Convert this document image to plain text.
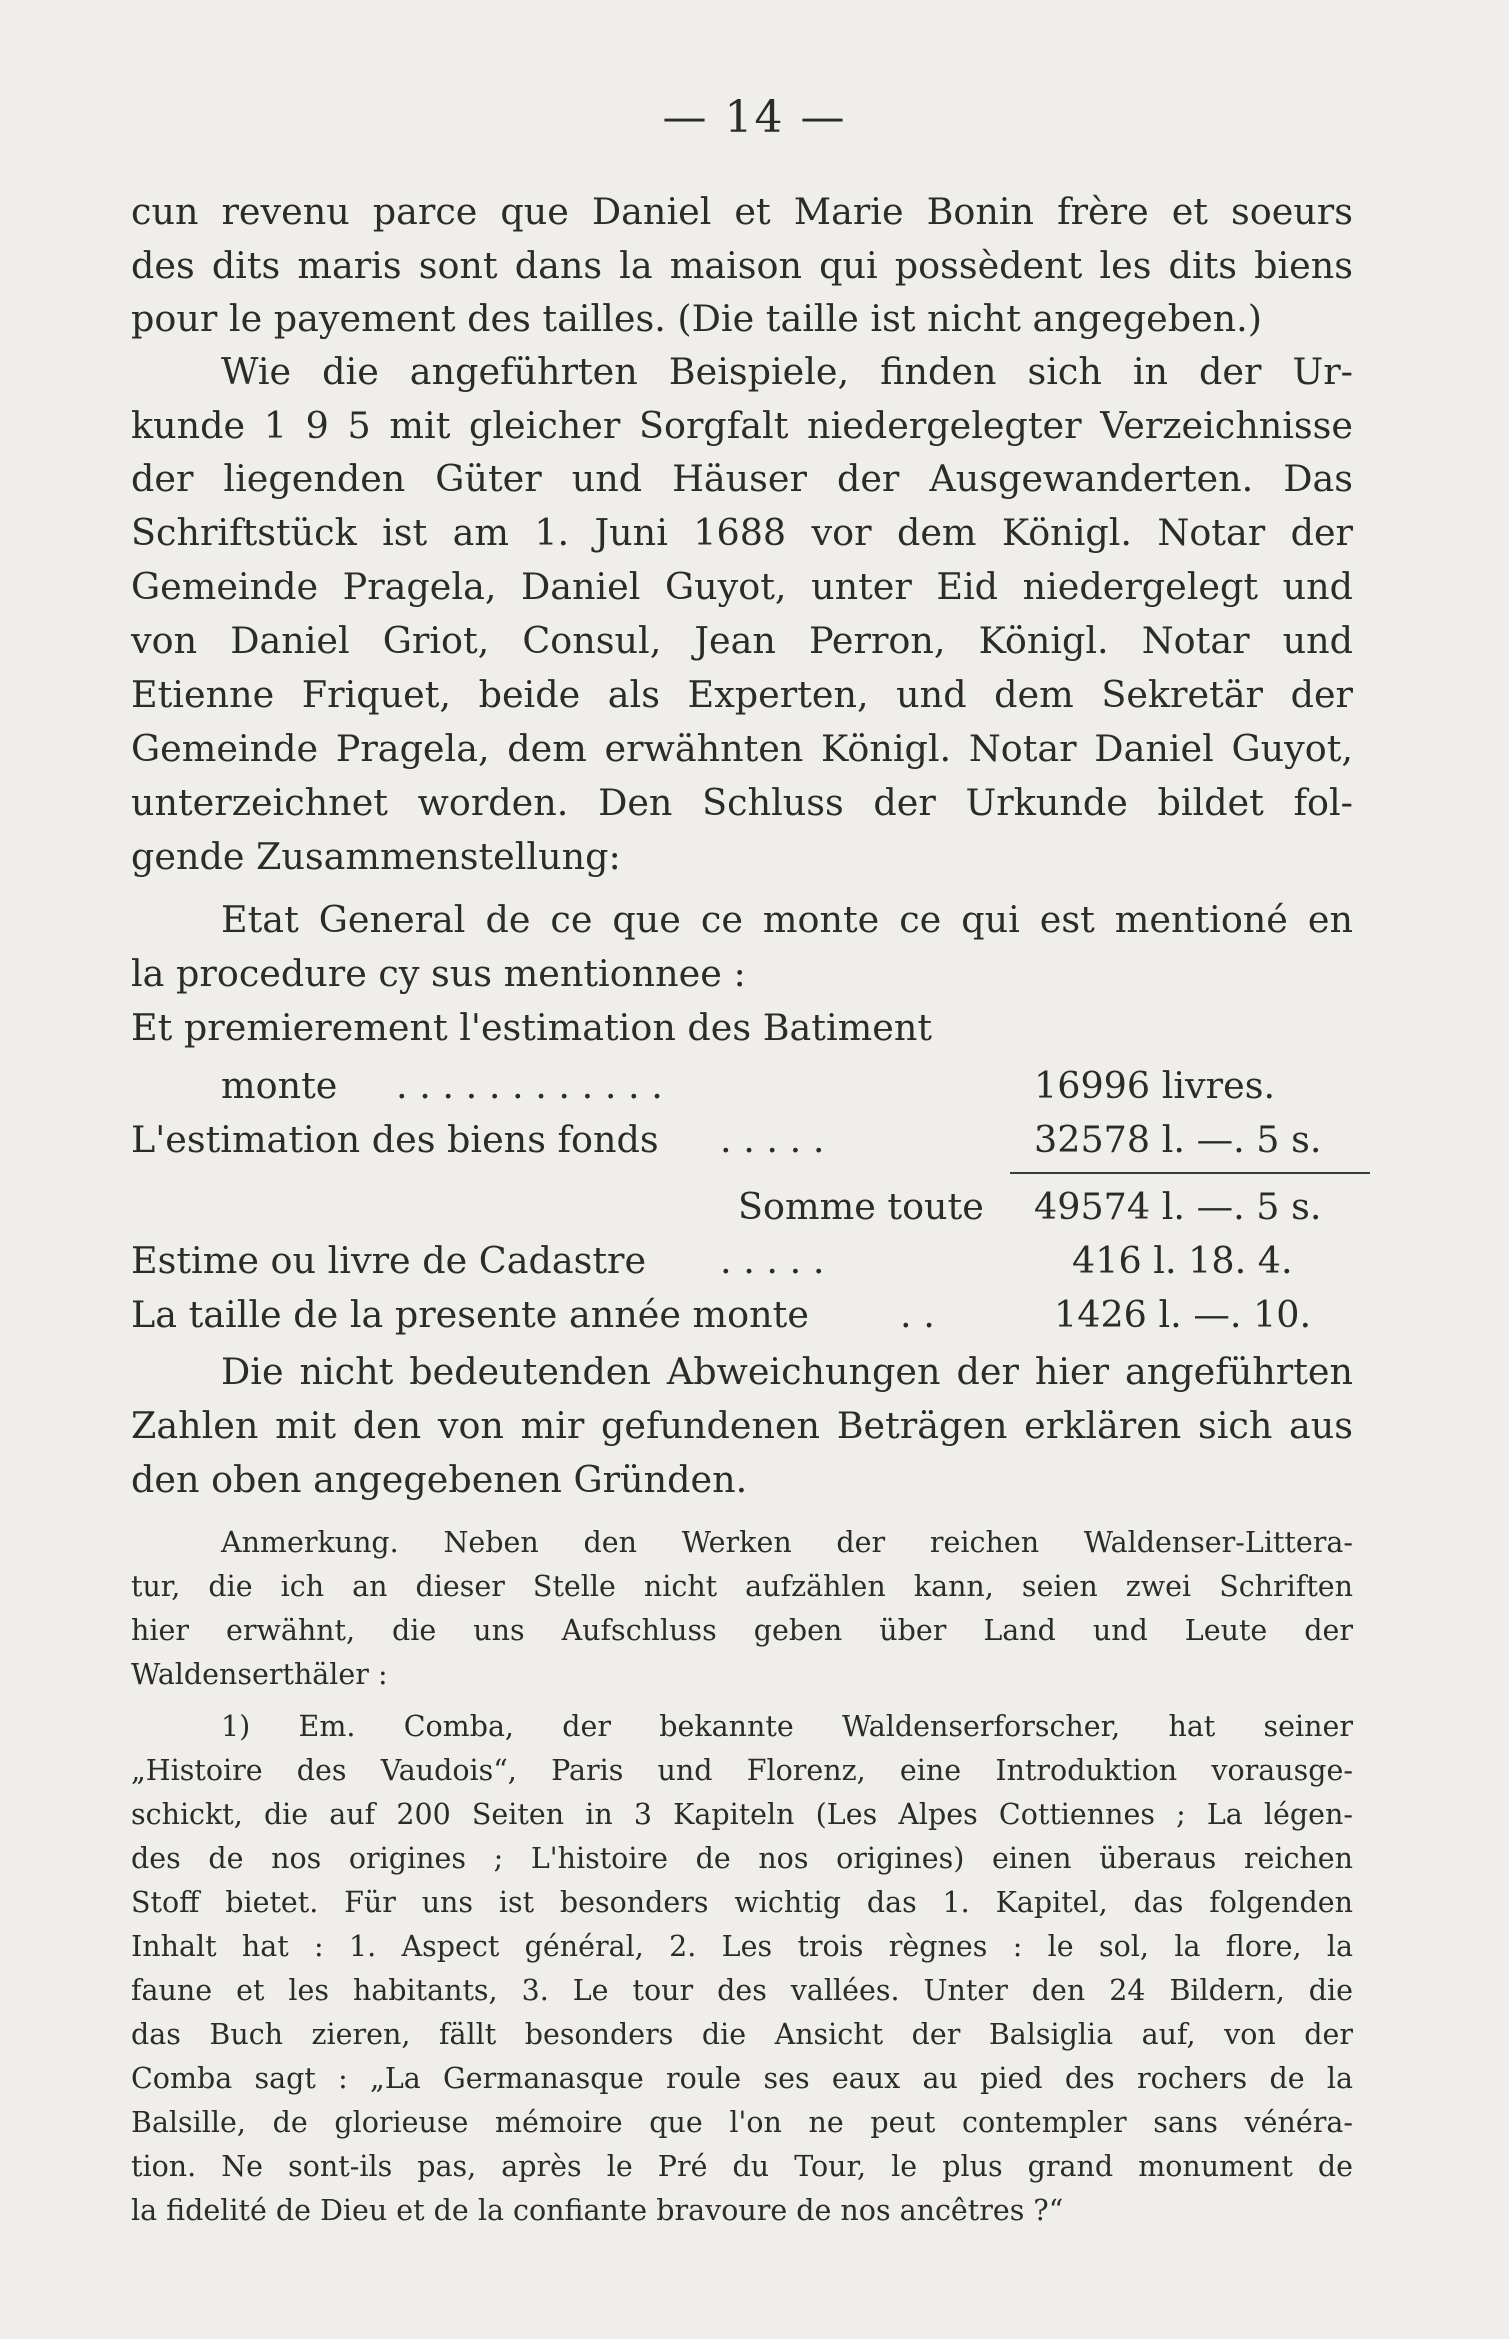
— 14 —
cun revenu parce que Daniel et Marie Bonin frère et soeurs
des dits maris sont dans la maison qui possèdent les dits biens
pour le payement des tailles. (Die taille ist nicht angegeben.)
Wie die angeführten Beispiele, finden sich in der Ur-
kunde 1 9 5 mit gleicher Sorgfalt niedergelegter Verzeichnisse
der liegenden Güter und Häuser der Ausgewanderten. Das
Schriftstück ist am 1. Juni 1688 vor dem Königl. Notar der
Gemeinde Pragela, Daniel Guyot, unter Eid niedergelegt und
von Daniel Griot, Consul, Jean Perron, Königl. Notar und
Etienne Friquet, beide als Experten, und dem Sekretär der
Gemeinde Pragela, dem erwähnten Königl. Notar Daniel Guyot,
unterzeichnet worden. Den Schluss der Urkunde bildet fol-
gende Zusammenstellung:
Etat General de ce que ce monte ce qui est mentioné en
la procedure cy sus mentionnee :
Et premierement l'estimation des Batiment
monte . . . . . . . . . . . .	16996 livres.
L'estimation des biens fonds . . . . .	32578 l. —. 5 s.
Somme toute 49574 l. —. 5 s.
Estime ou livre de Cadastre . . . . .	416 l. 18. 4.
La taille de la presente année monte . .	1426 l. —. 10.
Die nicht bedeutenden Abweichungen der hier angeführten
Zahlen mit den von mir gefundenen Beträgen erklären sich aus
den oben angegebenen Gründen.
Anmerkung. Neben den Werken der reichen Waldenser-Littera-
tur, die ich an dieser Stelle nicht aufzählen kann, seien zwei Schriften
hier erwähnt, die uns Aufschluss geben über Land und Leute der
Waldenserthäler :
1) Em. Comba, der bekannte Waldenserforscher, hat seiner
„Histoire des Vaudois“, Paris und Florenz, eine Introduktion vorausge-
schickt, die auf 200 Seiten in 3 Kapiteln (Les Alpes Cottiennes ; La légen-
des de nos origines ; L'histoire de nos origines) einen überaus reichen
Stoff bietet. Für uns ist besonders wichtig das 1. Kapitel, das folgenden
Inhalt hat : 1. Aspect général, 2. Les trois règnes : le sol, la flore, la
faune et les habitants, 3. Le tour des vallées. Unter den 24 Bildern, die
das Buch zieren, fällt besonders die Ansicht der Balsiglia auf, von der
Comba sagt : „La Germanasque roule ses eaux au pied des rochers de la
Balsille, de glorieuse mémoire que l'on ne peut contempler sans vénéra-
tion. Ne sont-ils pas, après le Pré du Tour, le plus grand monument de
la fidelité de Dieu et de la confiante bravoure de nos ancêtres ?“
